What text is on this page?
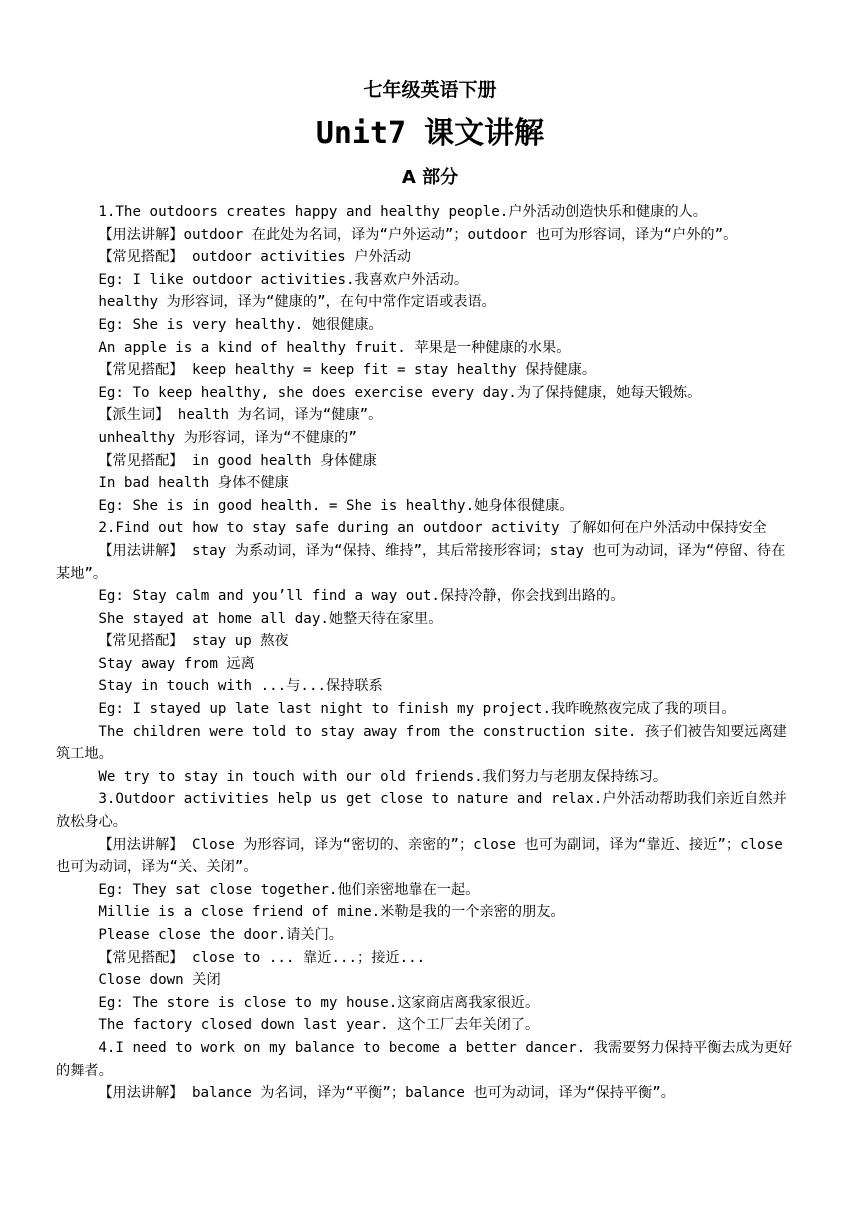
七年级英语下册
Unit7 课文讲解
A 部分

1.The outdoors creates happy and healthy people.户外活动创造快乐和健康的人。

【用法讲解】outdoor 在此处为名词，译为“户外运动”；outdoor 也可为形容词，译为“户外的”。

【常见搭配】 outdoor activities 户外活动

Eg: I like outdoor activities.我喜欢户外活动。

healthy 为形容词，译为“健康的”，在句中常作定语或表语。

Eg: She is very healthy. 她很健康。

An apple is a kind of healthy fruit. 苹果是一种健康的水果。

【常见搭配】 keep healthy = keep fit = stay healthy 保持健康。

Eg: To keep healthy, she does exercise every day.为了保持健康，她每天锻炼。

【派生词】 health 为名词，译为“健康”。

unhealthy 为形容词，译为“不健康的”

【常见搭配】 in good health 身体健康

In bad health 身体不健康

Eg: She is in good health. = She is healthy.她身体很健康。

2.Find out how to stay safe during an outdoor activity 了解如何在户外活动中保持安全

【用法讲解】 stay 为系动词，译为“保持、维持”，其后常接形容词；stay 也可为动词，译为“停留、待在某地”。

Eg: Stay calm and you’ll find a way out.保持冷静，你会找到出路的。

She stayed at home all day.她整天待在家里。

【常见搭配】 stay up 熬夜

Stay away from 远离

Stay in touch with ...与...保持联系

Eg: I stayed up late last night to finish my project.我昨晚熬夜完成了我的项目。

The children were told to stay away from the construction site. 孩子们被告知要远离建筑工地。

We try to stay in touch with our old friends.我们努力与老朋友保持练习。

3.Outdoor activities help us get close to nature and relax.户外活动帮助我们亲近自然并放松身心。

【用法讲解】 Close 为形容词，译为“密切的、亲密的”；close 也可为副词，译为“靠近、接近”；close 也可为动词，译为“关、关闭”。

Eg: They sat close together.他们亲密地靠在一起。

Millie is a close friend of mine.米勒是我的一个亲密的朋友。

Please close the door.请关门。

【常见搭配】 close to ... 靠近...；接近...

Close down 关闭

Eg: The store is close to my house.这家商店离我家很近。

The factory closed down last year. 这个工厂去年关闭了。

4.I need to work on my balance to become a better dancer. 我需要努力保持平衡去成为更好的舞者。

【用法讲解】 balance 为名词，译为“平衡”；balance 也可为动词，译为“保持平衡”。
